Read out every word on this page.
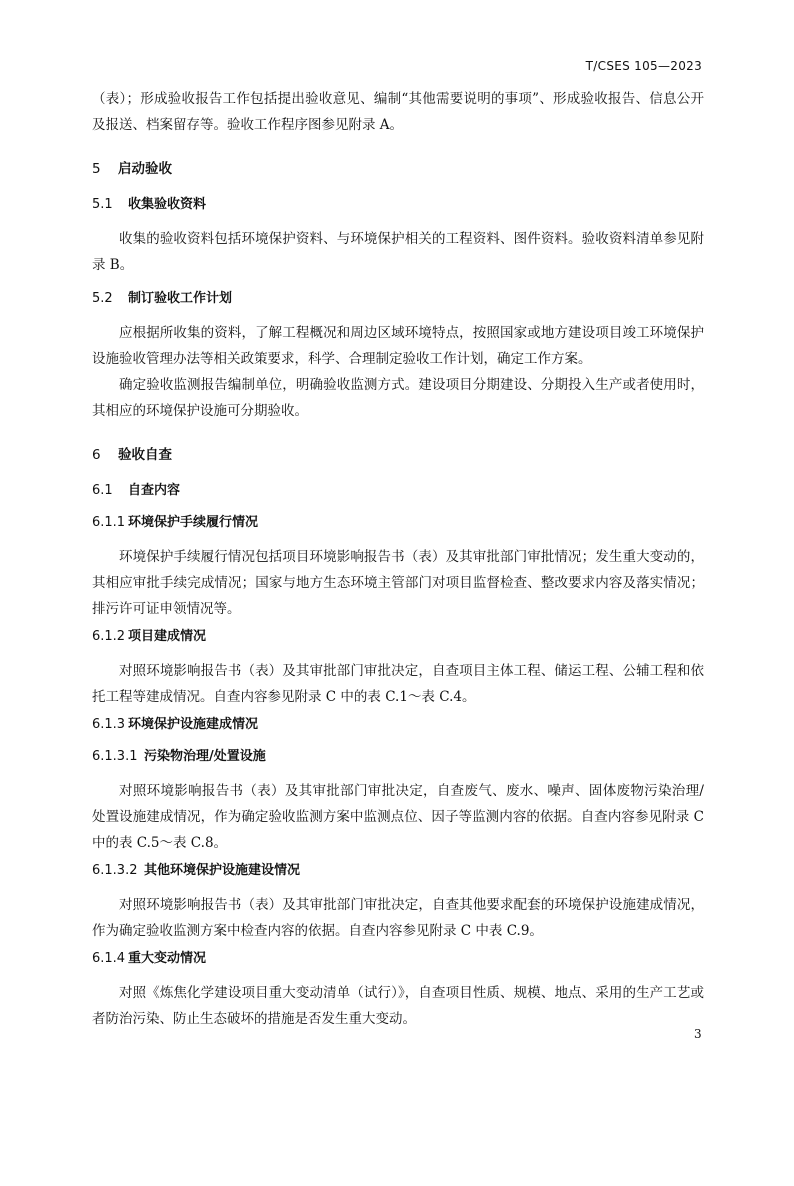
T/CSES 105—2023

（表）；形成验收报告工作包括提出验收意见、编制“其他需要说明的事项”、形成验收报告、信息公开及报送、档案留存等。验收工作程序图参见附录 A。

5 启动验收
5.1 收集验收资料

收集的验收资料包括环境保护资料、与环境保护相关的工程资料、图件资料。验收资料清单参见附录 B。

5.2 制订验收工作计划

应根据所收集的资料，了解工程概况和周边区域环境特点，按照国家或地方建设项目竣工环境保护设施验收管理办法等相关政策要求，科学、合理制定验收工作计划，确定工作方案。

确定验收监测报告编制单位，明确验收监测方式。建设项目分期建设、分期投入生产或者使用时，其相应的环境保护设施可分期验收。

6 验收自查
6.1 自查内容
6.1.1 环境保护手续履行情况

环境保护手续履行情况包括项目环境影响报告书（表）及其审批部门审批情况；发生重大变动的，其相应审批手续完成情况；国家与地方生态环境主管部门对项目监督检查、整改要求内容及落实情况；排污许可证申领情况等。

6.1.2 项目建成情况

对照环境影响报告书（表）及其审批部门审批决定，自查项目主体工程、储运工程、公辅工程和依托工程等建成情况。自查内容参见附录 C 中的表 C.1～表 C.4。

6.1.3 环境保护设施建成情况
6.1.3.1 污染物治理/处置设施

对照环境影响报告书（表）及其审批部门审批决定，自查废气、废水、噪声、固体废物污染治理/处置设施建成情况，作为确定验收监测方案中监测点位、因子等监测内容的依据。自查内容参见附录 C 中的表 C.5～表 C.8。

6.1.3.2 其他环境保护设施建设情况

对照环境影响报告书（表）及其审批部门审批决定，自查其他要求配套的环境保护设施建成情况，作为确定验收监测方案中检查内容的依据。自查内容参见附录 C 中表 C.9。

6.1.4 重大变动情况

对照《炼焦化学建设项目重大变动清单（试行）》，自查项目性质、规模、地点、采用的生产工艺或者防治污染、防止生态破坏的措施是否发生重大变动。

3
